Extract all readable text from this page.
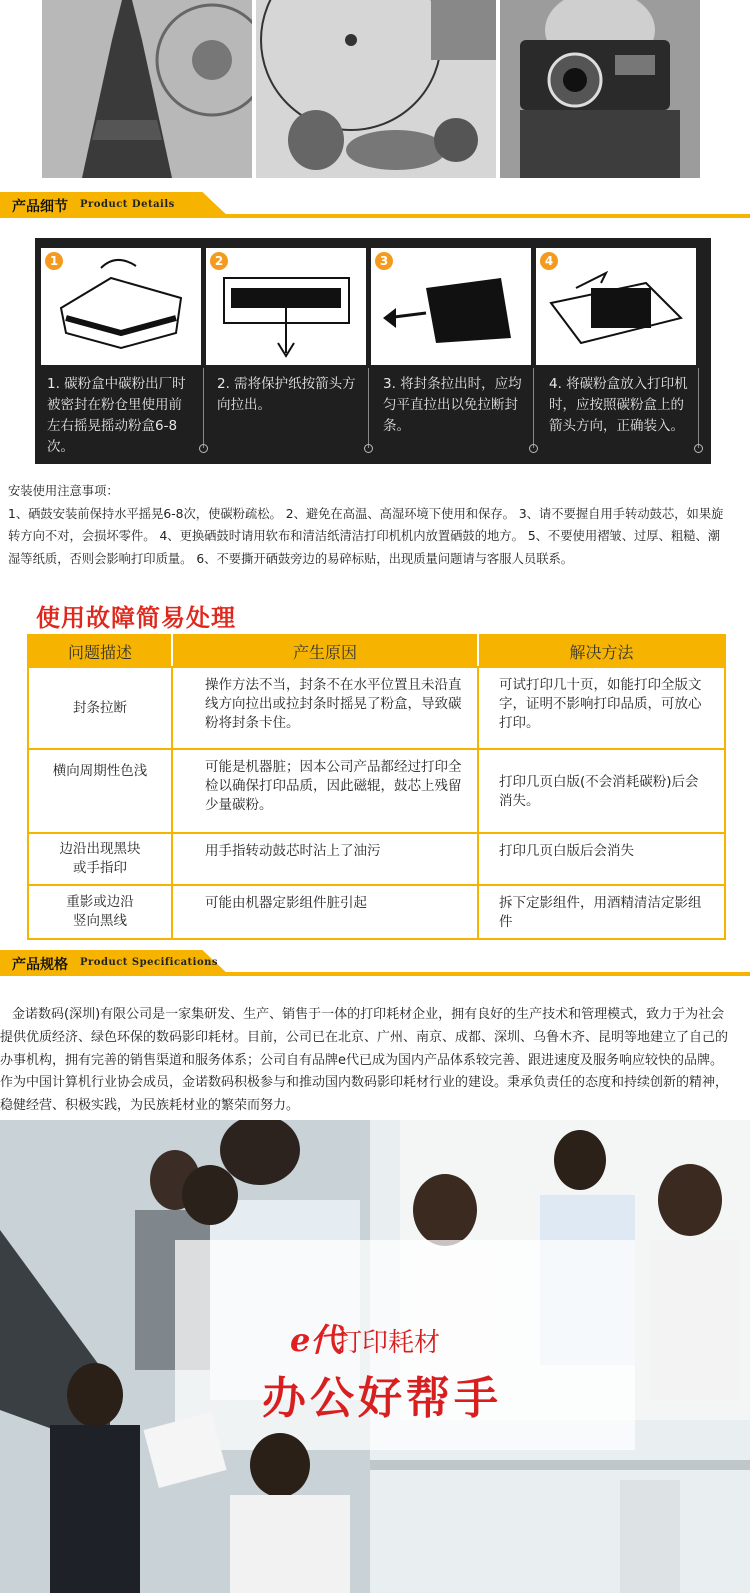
产品细节 Product Details
1	2	3	4
1. 碳粉盒中碳粉出厂时被密封在粉仓里使用前左右摇晃摇动粉盒6-8次。
2. 需将保护纸按箭头方向拉出。
3. 将封条拉出时，应均匀平直拉出以免拉断封条。
4. 将碳粉盒放入打印机时，应按照碳粉盒上的箭头方向，正确装入。
安装使用注意事项：
1、硒鼓安装前保持水平摇晃6-8次，使碳粉疏松。 2、避免在高温、高湿环境下使用和保存。 3、请不要握自用手转动鼓芯，如果旋转方向不对，会损坏零件。 4、更换硒鼓时请用软布和清洁纸清洁打印机机内放置硒鼓的地方。 5、不要使用褶皱、过厚、粗糙、潮湿等纸质，否则会影响打印质量。 6、不要撕开硒鼓旁边的易碎标贴，出现质量问题请与客服人员联系。
使用故障简易处理
问题描述	产生原因	解决方法
封条拉断	操作方法不当，封条不在水平位置且未沿直线方向拉出或拉封条时摇晃了粉盒，导致碳粉将封条卡住。	可试打印几十页，如能打印全版文字，证明不影响打印品质，可放心打印。
横向周期性色浅	可能是机器脏；因本公司产品都经过打印全检以确保打印品质，因此磁辊，鼓芯上残留少量碳粉。	打印几页白版(不会消耗碳粉)后会消失。

边沿出现黑块或手指印	用手指转动鼓芯时沾上了油污	打印几页白版后会消失

重影或边沿竖向黑线	可能由机器定影组件脏引起	拆下定影组件，用酒精清洁定影组件
产品规格 Product Specifications
金诺数码(深圳)有限公司是一家集研发、生产、销售于一体的打印耗材企业，拥有良好的生产技术和管理模式，致力于为社会提供优质经济、绿色环保的数码影印耗材。目前，公司已在北京、广州、南京、成都、深圳、乌鲁木齐、昆明等地建立了自己的办事机构，拥有完善的销售渠道和服务体系；公司自有品牌e代已成为国内产品体系较完善、跟进速度及服务响应较快的品牌。作为中国计算机行业协会成员，金诺数码积极参与和推动国内数码影印耗材行业的建设。秉承负责任的态度和持续创新的精神，稳健经营、积极实践，为民族耗材业的繁荣而努力。
e代
打印耗材
办公好帮手
